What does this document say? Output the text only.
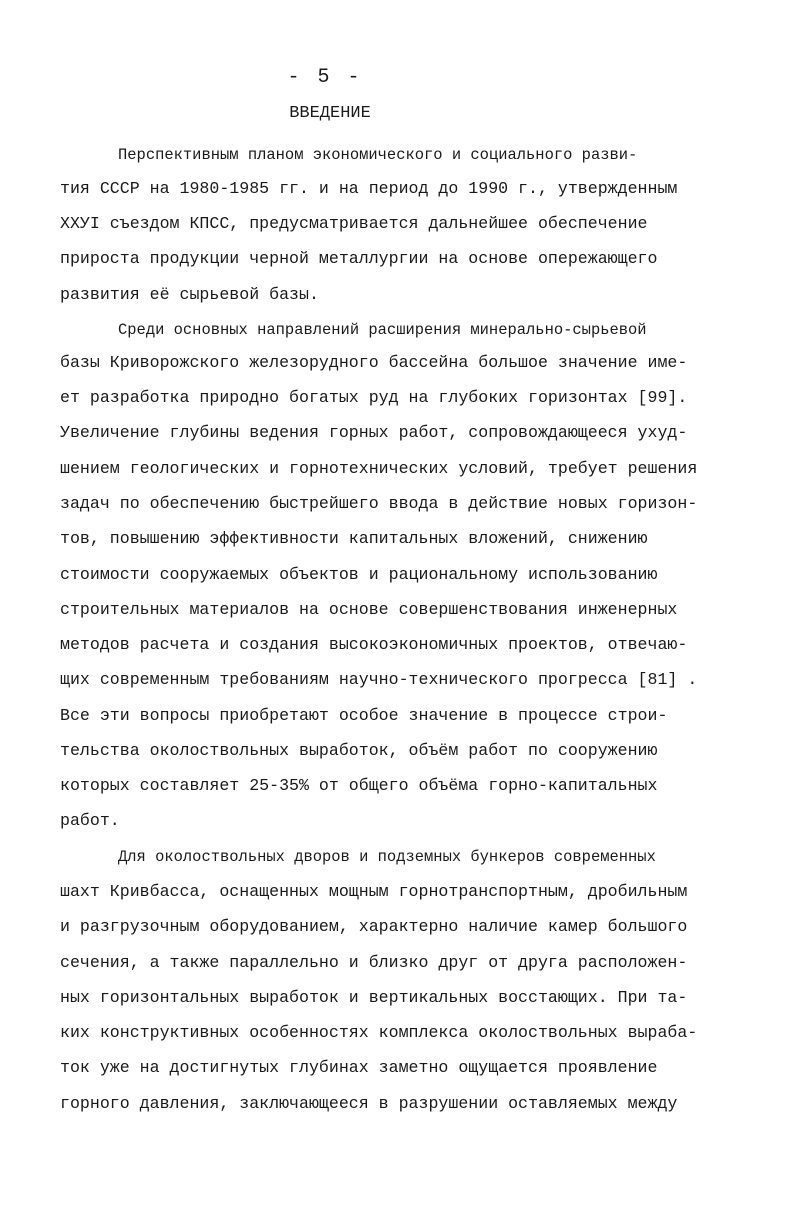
- 5 -
ВВЕДЕНИЕ
Перспективным планом экономического и социального разви-
тия СССР на 1980-1985 гг. и на период до 1990 г., утвержденным
ХХУI съездом КПСС, предусматривается дальнейшее обеспечение
прироста продукции черной металлургии на основе опережающего
развития её сырьевой базы.
Среди основных направлений расширения минерально-сырьевой
базы Криворожского железорудного бассейна большое значение име-
ет разработка природно богатых руд на глубоких горизонтах [99].
Увеличение глубины ведения горных работ, сопровождающееся ухуд-
шением геологических и горнотехнических условий, требует решения
задач по обеспечению быстрейшего ввода в действие новых горизон-
тов, повышению эффективности капитальных вложений, снижению
стоимости сооружаемых объектов и рациональному использованию
строительных материалов на основе совершенствования инженерных
методов расчета и создания высокоэкономичных проектов, отвечаю-
щих современным требованиям научно-технического прогресса [81] .
Все эти вопросы приобретают особое значение в процессе строи-
тельства околоствольных выработок, объём работ по сооружению
которых составляет 25-35% от общего объёма горно-капитальных
работ.
Для околоствольных дворов и подземных бункеров современных
шахт Кривбасса, оснащенных мощным горнотранспортным, дробильным
и разгрузочным оборудованием, характерно наличие камер большого
сечения, а также параллельно и близко друг от друга расположен-
ных горизонтальных выработок и вертикальных восстающих. При та-
ких конструктивных особенностях комплекса околоствольных выраба-
ток уже на достигнутых глубинах заметно ощущается проявление
горного давления, заключающееся в разрушении оставляемых между
